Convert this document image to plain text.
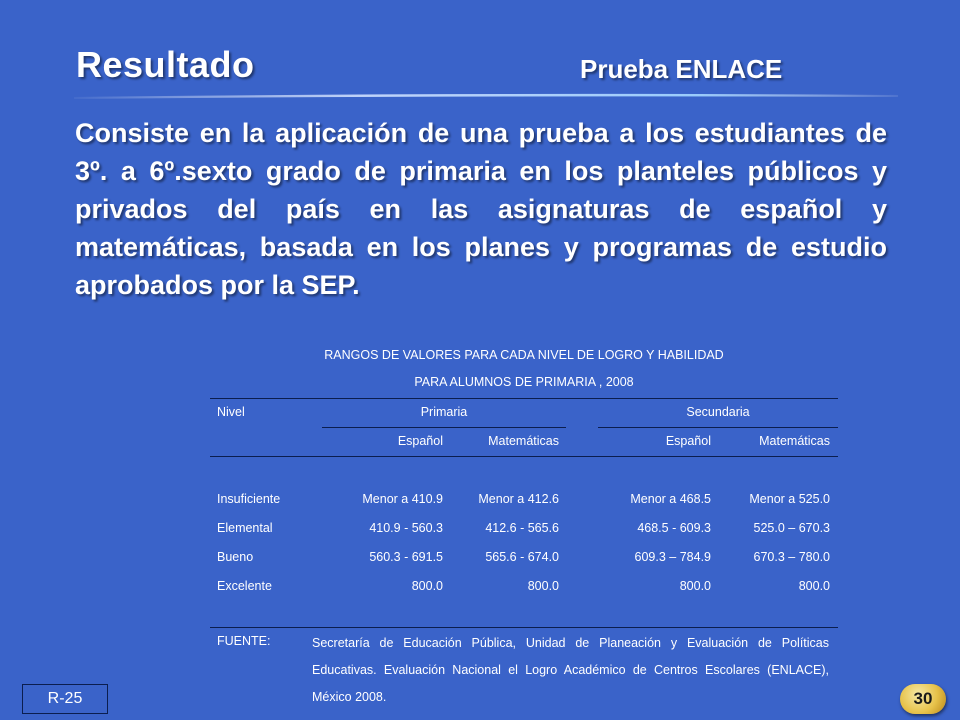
Resultado	Prueba ENLACE
Consiste en la aplicación de una prueba a los estudiantes de 3º. a 6º.sexto grado de primaria en los planteles públicos y privados del país en las asignaturas de español y matemáticas, basada en los planes y programas de estudio aprobados por la SEP.
RANGOS DE VALORES PARA CADA NIVEL DE LOGRO Y HABILIDAD
PARA ALUMNOS DE PRIMARIA , 2008
Nivel	Primaria	Secundaria
Español	Matemáticas	Español	Matemáticas
Insuficiente	Menor a 410.9	Menor a 412.6	Menor a 468.5	Menor a 525.0
Elemental	410.9 - 560.3	412.6 - 565.6	468.5 - 609.3	525.0 – 670.3
Bueno	560.3 - 691.5	565.6 - 674.0	609.3 – 784.9	670.3 – 780.0
Excelente	800.0	800.0	800.0	800.0
FUENTE:	Secretaría de Educación Pública, Unidad de Planeación y Evaluación de Políticas Educativas. Evaluación Nacional el Logro Académico de Centros Escolares (ENLACE), México 2008.
R-25	30
